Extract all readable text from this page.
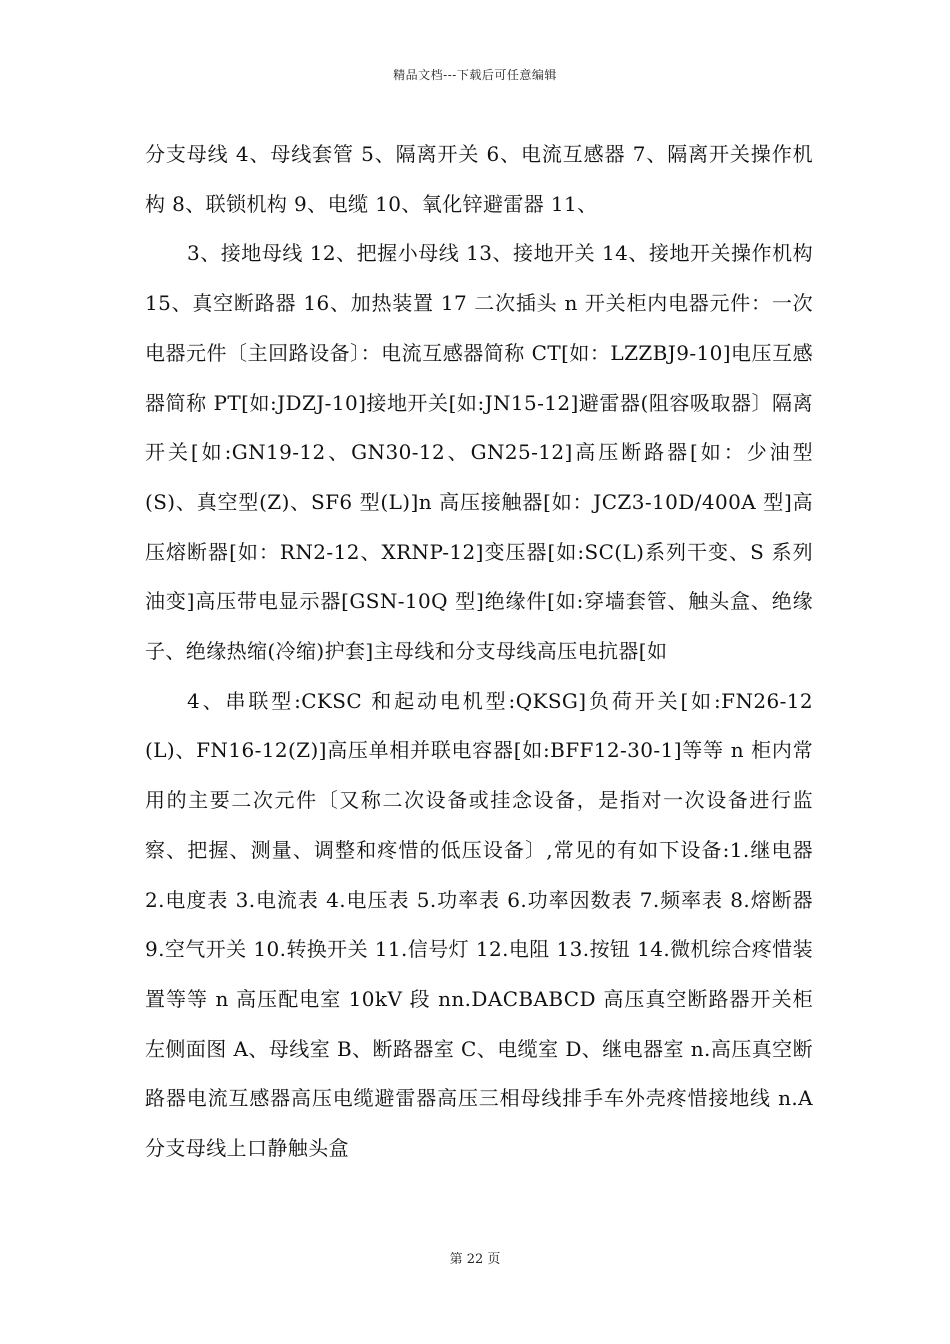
精品文档---下载后可任意编辑

分支母线 4、母线套管 5、隔离开关 6、电流互感器 7、隔离开关操作机构 8、联锁机构 9、电缆 10、氧化锌避雷器 11、

3、接地母线 12、把握小母线 13、接地开关 14、接地开关操作机构 15、真空断路器 16、加热装置 17 二次插头 n 开关柜内电器元件：一次电器元件〔主回路设备〕：电流互感器简称 CT[如：LZZBJ9-10]电压互感器简称 PT[如:JDZJ-10]接地开关[如:JN15-12]避雷器(阻容吸取器〕隔离开关[如:GN19-12、GN30-12、GN25-12]高压断路器[如：少油型(S)、真空型(Z)、SF6 型(L)]n 高压接触器[如：JCZ3-10D/400A 型]高压熔断器[如：RN2-12、XRNP-12]变压器[如:SC(L)系列干变、S 系列油变]高压带电显示器[GSN-10Q 型]绝缘件[如:穿墙套管、触头盒、绝缘子、绝缘热缩(冷缩)护套]主母线和分支母线高压电抗器[如

4、串联型:CKSC 和起动电机型:QKSG]负荷开关[如:FN26-12(L)、FN16-12(Z)]高压单相并联电容器[如:BFF12-30-1]等等 n 柜内常用的主要二次元件〔又称二次设备或挂念设备，是指对一次设备进行监察、把握、测量、调整和疼惜的低压设备〕,常见的有如下设备:1.继电器 2.电度表 3.电流表 4.电压表 5.功率表 6.功率因数表 7.频率表 8.熔断器 9.空气开关 10.转换开关 11.信号灯 12.电阻 13.按钮 14.微机综合疼惜装置等等 n 高压配电室 10kV 段 nn.DACBABCD 高压真空断路器开关柜左侧面图 A、母线室 B、断路器室 C、电缆室 D、继电器室 n.高压真空断路器电流互感器高压电缆避雷器高压三相母线排手车外壳疼惜接地线 n.A 分支母线上口静触头盒

第 22 页
